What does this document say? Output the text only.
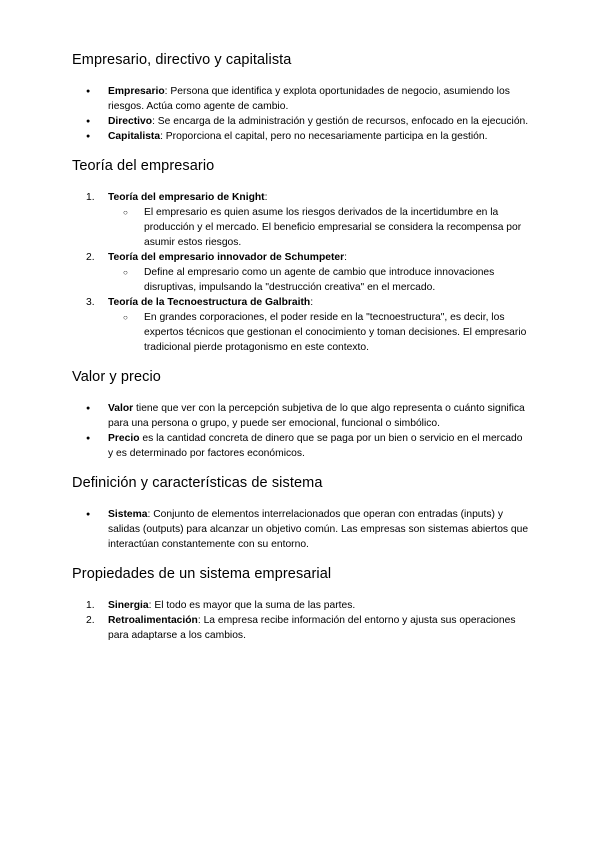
Empresario, directivo y capitalista
● Empresario: Persona que identifica y explota oportunidades de negocio, asumiendo los riesgos. Actúa como agente de cambio.
● Directivo: Se encarga de la administración y gestión de recursos, enfocado en la ejecución.
● Capitalista: Proporciona el capital, pero no necesariamente participa en la gestión.
Teoría del empresario
1. Teoría del empresario de Knight:
○ El empresario es quien asume los riesgos derivados de la incertidumbre en la producción y el mercado. El beneficio empresarial se considera la recompensa por asumir estos riesgos.
2. Teoría del empresario innovador de Schumpeter:
○ Define al empresario como un agente de cambio que introduce innovaciones disruptivas, impulsando la "destrucción creativa" en el mercado.
3. Teoría de la Tecnoestructura de Galbraith:
○ En grandes corporaciones, el poder reside en la "tecnoestructura", es decir, los expertos técnicos que gestionan el conocimiento y toman decisiones. El empresario tradicional pierde protagonismo en este contexto.
Valor y precio
● Valor tiene que ver con la percepción subjetiva de lo que algo representa o cuánto significa para una persona o grupo, y puede ser emocional, funcional o simbólico.
● Precio es la cantidad concreta de dinero que se paga por un bien o servicio en el mercado y es determinado por factores económicos.
Definición y características de sistema
● Sistema: Conjunto de elementos interrelacionados que operan con entradas (inputs) y salidas (outputs) para alcanzar un objetivo común. Las empresas son sistemas abiertos que interactúan constantemente con su entorno.
Propiedades de un sistema empresarial
1. Sinergia: El todo es mayor que la suma de las partes.
2. Retroalimentación: La empresa recibe información del entorno y ajusta sus operaciones para adaptarse a los cambios.
